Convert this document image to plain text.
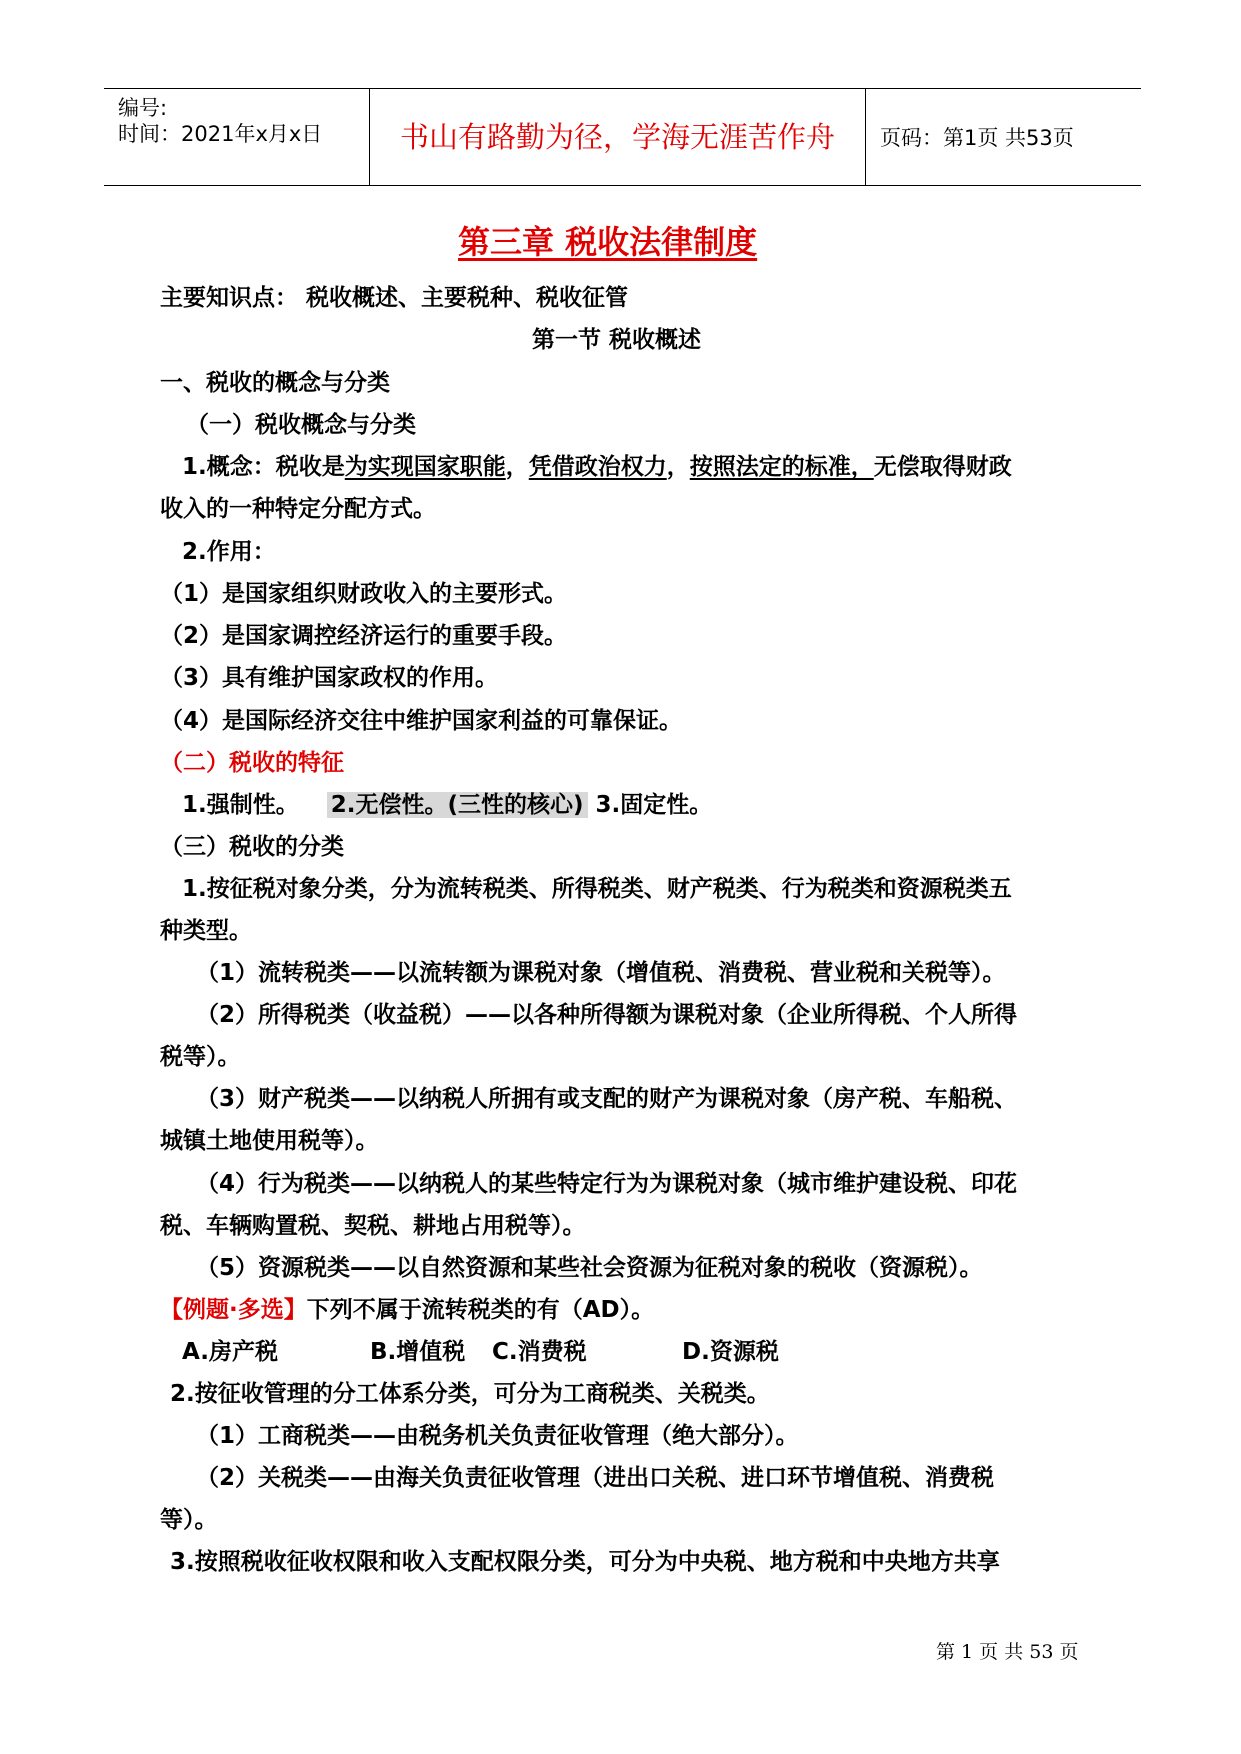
编号:
时间：2021年x月x日	书山有路勤为径，学海无涯苦作舟	页码：第1页 共53页
第三章 税收法律制度
主要知识点： 税收概述、主要税种、税收征管
第一节 税收概述
一、税收的概念与分类
（一）税收概念与分类
1.概念：税收是为实现国家职能，凭借政治权力，按照法定的标准，无偿取得财政
收入的一种特定分配方式。
2.作用：
（1）是国家组织财政收入的主要形式。
（2）是国家调控经济运行的重要手段。
（3）具有维护国家政权的作用。
（4）是国际经济交往中维护国家利益的可靠保证。
（二）税收的特征
1.强制性。 2.无偿性。(三性的核心) 3.固定性。
（三）税收的分类
1.按征税对象分类，分为流转税类、所得税类、财产税类、行为税类和资源税类五
种类型。
（1）流转税类——以流转额为课税对象（增值税、消费税、营业税和关税等）。
（2）所得税类（收益税）——以各种所得额为课税对象（企业所得税、个人所得
税等）。
（3）财产税类——以纳税人所拥有或支配的财产为课税对象（房产税、车船税、
城镇土地使用税等）。
（4）行为税类——以纳税人的某些特定行为为课税对象（城市维护建设税、印花
税、车辆购置税、契税、耕地占用税等）。
（5）资源税类——以自然资源和某些社会资源为征税对象的税收（资源税）。
【例题·多选】下列不属于流转税类的有（AD）。
A.房产税	B.增值税 C.消费税	D.资源税
2.按征收管理的分工体系分类，可分为工商税类、关税类。
（1）工商税类——由税务机关负责征收管理（绝大部分）。
（2）关税类——由海关负责征收管理（进出口关税、进口环节增值税、消费税
等）。
3.按照税收征收权限和收入支配权限分类，可分为中央税、地方税和中央地方共享
第 1 页 共 53 页
